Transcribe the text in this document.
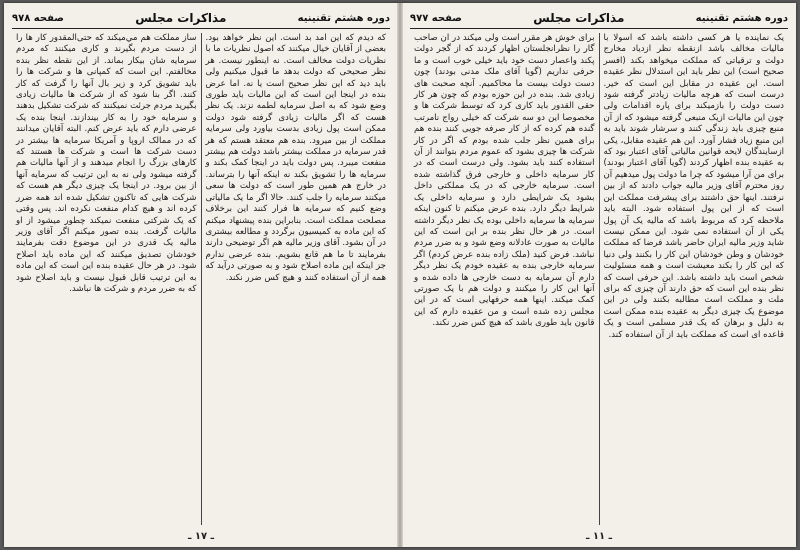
دوره هشتم تقنینیه
مذاکرات مجلس
صفحه ۹۷۸

که دیدم که این آمد بد است. این نظر خواهد بود. بعضی از آقایان خیال میکنند که اصول نظریات ما با نظریات دولت مخالف است. نه اینطور نیست. هر نظر صحیحی که دولت بدهد ما قبول میکنیم ولی باید دید که این نظر صحیح است یا نه. اما عرض بنده در اینجا این است که این مالیات باید طوری وضع شود که به اصل سرمایه لطمه نزند. یک نظر هست که اگر مالیات زیادی گرفته شود دولت ممکن است پول زیادی بدست بیاورد ولی سرمایه مملکت از بین میرود. بنده هم معتقد هستم که هر قدر سرمایه در مملکت بیشتر باشد دولت هم بیشتر منفعت میبرد. پس دولت باید در اینجا کمک بکند و سرمایه ها را تشویق بکند نه اینکه آنها را بترساند. در خارج هم همین طور است که دولت ها سعی میکنند سرمایه را جلب کنند. حالا اگر ما یک مالیاتی وضع کنیم که سرمایه ها فرار کنند این برخلاف مصلحت مملکت است. بنابراین بنده پیشنهاد میکنم که این ماده به کمیسیون برگردد و مطالعه بیشتری در آن بشود. آقای وزیر مالیه هم اگر توضیحی دارند بفرمایند تا ما هم قانع بشویم. بنده عرضی ندارم جز اینکه این ماده اصلاح شود و به صورتی درآید که همه از آن استفاده کنند و هیچ کس ضرر نکند.

ساز مملکت هم مي‌ميکند که حتی‌المقدور کار ها را از دست مردم بگیرند و کاری میکنند که مردم سرمایه شان بیکار بماند. از این نقطه نظر بنده مخالفتم. این است که کمپانی ها و شرکت ها را باید تشویق کرد و زیر بال آنها را گرفت که کار کنند. اگر بنا شود که از شرکت ها مالیات زیادی بگیرید مردم جرئت نمیکنند که شرکت تشکیل بدهند و سرمایه خود را به کار بیندازند. اینجا بنده یک عرضی دارم که باید عرض کنم. البته آقایان میدانند که در ممالک اروپا و آمریکا سرمایه ها بیشتر در دست شرکت ها است و شرکت ها هستند که کارهای بزرگ را انجام میدهند و از آنها مالیات هم گرفته میشود ولی نه به این ترتیب که سرمایه آنها از بین برود. در اینجا یک چیزی دیگر هم هست که شرکت هایی که تاکنون تشکیل شده اند همه ضرر کرده اند و هیچ کدام منفعت نکرده اند. پس وقتی که یک شرکتی منفعت نمیکند چطور میشود از او مالیات گرفت. بنده تصور میکنم اگر آقای وزیر مالیه یک قدری در این موضوع دقت بفرمایند خودشان تصدیق میکنند که این ماده باید اصلاح شود. در هر حال عقیده بنده این است که این ماده به این ترتیب قابل قبول نیست و باید اصلاح شود که به ضرر مردم و شرکت ها نباشد.

ـ ۱۷ ـ
دوره هشتم تقنینیه
مذاکرات مجلس
صفحه ۹۷۷

یک نماینده یا هر کسی داشته باشد که اسولا با مالیات مخالف باشد ازنقطه نظر ازدیاد مخارج دولت و ترقیاتی که مملکت میخواهد بکند (افسر صحیح است) این نظر باید این استدلال نظر عقیده است. این عقیده در مقابل این است که خیر. درست است که هرچه مالیات زیادتر گرفته شود دست دولت را بازمیکند برای پاره اقدامات ولی چون این مالیات ازیک منبعی گرفته میشود که از آن منبع چیزی باید زندگی کنند و سرشار شوند باید به این منبع زیاد فشار آورد. این هم عقیده مقابل، یکی ازسایندگان لایحه قوانین مالیاتی آقای اعتبار بود که به عقیده بنده اظهار کردند (گویا آقای اعتبار بودند) برای من آرا میشود که چرا ما دولت پول میدهیم آن روز محترم آقای وزیر مالیه جواب دادند که از بین نرفتند. اینها حق داشتند برای پیشرفت مملکت این است که از این پول استفاده شود. البته باید ملاحظه کرد که مربوط باشد که مالیه یک آن پول یکی از آن استفاده نمی شود. این ممکن نیست شاید وزیر مالیه ایران حاضر باشد فرضا که مملکت خودشان و وطن خودشان این کار را بکنند ولی دنیا که این کار را بکند معیشت است و همه مسئولیت شخص است باید داشته باشد. این حرفی است که نظر بنده این است که حق دارند آن چیزی که برای ملت و مملکت است مطالبه بکنند ولی در این موضوع یک چیزی دیگر به عقیده بنده ممکن است به دلیل و برهان که یک قدر مسلمی است و یک قاعده ای است که مملکت باید از آن استفاده کند.

برای خوش هر مقرر است ولی میکند در آن صاحب گار را نظرانجلستان اظهار کردند که از گجر دولت پکند واعصار دست خود باید خیلی خوب است و ما حرفی نداریم (گویا آقای ملک مدنی بودند) چون دست دولت بیست ما محاکمیم. آنچه صحبت های زیادی شد. بنده در این حوزه بودم که چون هر کار حقی القدور باید کاری کرد که توسط شرکت ها و مخصوصا این دو سه شرکت که خیلی رواج نامرتب گنده هم کرده که از کار صرفه جویی کنند بنده هم برای همین نظر جلب شده بودم که اگر در کار شرکت ها چیزی بشود که عموم مردم بتوانند از آن استفاده کنند باید بشود. ولی درست است که در کار سرمایه داخلی و خارجی فرق گذاشته شده است. سرمایه خارجی که در یک مملکتی داخل بشود یک شرایطی دارد و سرمایه داخلی یک شرایط دیگر دارد. بنده عرض میکنم تا کنون اینکه سرمایه ها سرمایه داخلی بوده یک نظر دیگر داشته است. در هر حال نظر بنده بر این است که این مالیات به صورت عادلانه وضع شود و به ضرر مردم نباشد. فرض کنید (ملک زاده بنده عرض کردم) اگر سرمایه خارجی بنده به عقیده خودم یک نظر دیگر دارم آن سرمایه به دست خارجی ها داده شده و آنها این کار را میکنند و دولت هم با یک صورتی کمک میکند. اینها همه حرفهایی است که در این مجلس زده شده است و من عقیده دارم که این قانون باید طوری باشد که هیچ کس ضرر نکند.

ـ ۱۱ ـ
